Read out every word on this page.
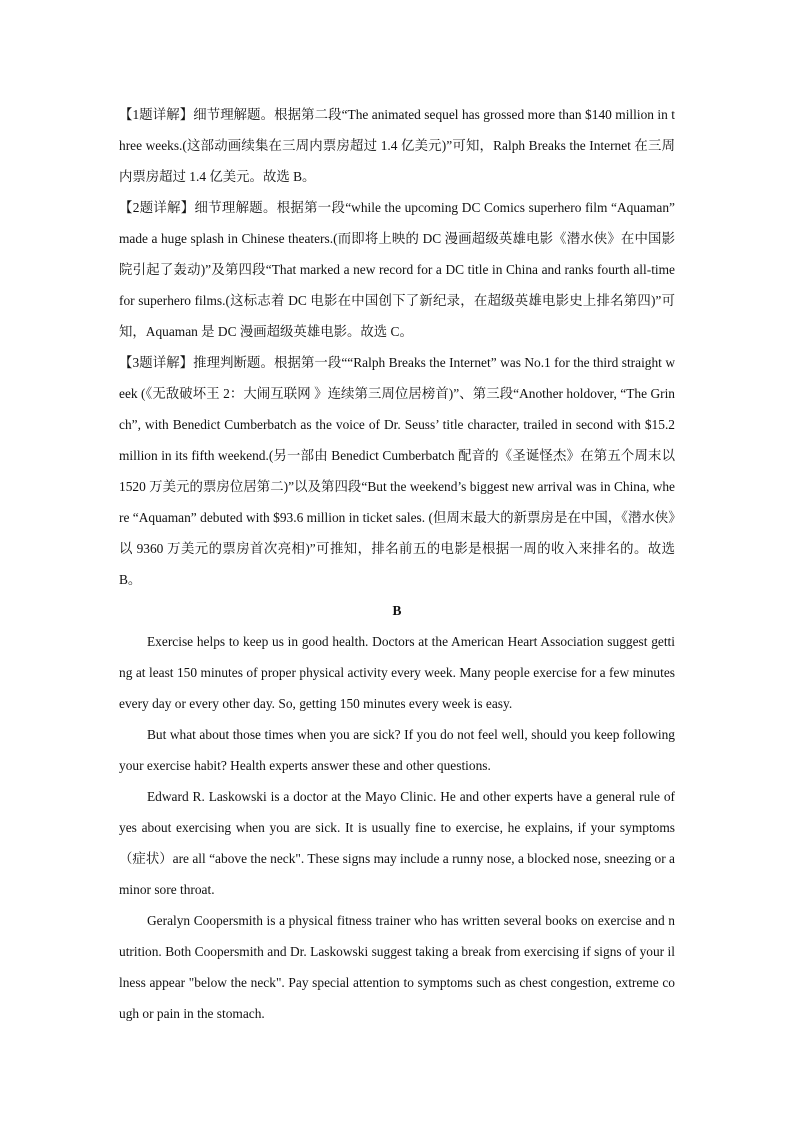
【1题详解】细节理解题。根据第二段“The animated sequel has grossed more than $140 million in three weeks.(这部动画续集在三周内票房超过 1.4 亿美元)”可知，Ralph Breaks the Internet 在三周内票房超过 1.4 亿美元。故选 B。

【2题详解】细节理解题。根据第一段“while the upcoming DC Comics superhero film “Aquaman” made a huge splash in Chinese theaters.(而即将上映的 DC 漫画超级英雄电影《潜水侠》在中国影院引起了轰动)”及第四段“That marked a new record for a DC title in China and ranks fourth all-time for superhero films.(这标志着 DC 电影在中国创下了新纪录，在超级英雄电影史上排名第四)”可知，Aquaman 是 DC 漫画超级英雄电影。故选 C。

【3题详解】推理判断题。根据第一段““Ralph Breaks the Internet” was No.1 for the third straight week (《无敌破坏王 2：大闹互联网 》连续第三周位居榜首)”、第三段“Another holdover, “The Grinch”, with Benedict Cumberbatch as the voice of Dr. Seuss’ title character, trailed in second with $15.2 million in its fifth weekend.(另一部由 Benedict Cumberbatch 配音的《圣诞怪杰》在第五个周末以 1520 万美元的票房位居第二)”以及第四段“But the weekend’s biggest new arrival was in China, where “Aquaman” debuted with $93.6 million in ticket sales. (但周末最大的新票房是在中国，《潜水侠》以 9360 万美元的票房首次亮相)”可推知，排名前五的电影是根据一周的收入来排名的。故选 B。

B

Exercise helps to keep us in good health. Doctors at the American Heart Association suggest getting at least 150 minutes of proper physical activity every week. Many people exercise for a few minutes every day or every other day. So, getting 150 minutes every week is easy.

But what about those times when you are sick? If you do not feel well, should you keep following your exercise habit? Health experts answer these and other questions.

Edward R. Laskowski is a doctor at the Mayo Clinic. He and other experts have a general rule of yes about exercising when you are sick. It is usually fine to exercise, he explains, if your symptoms （症状）are all “above the neck". These signs may include a runny nose, a blocked nose, sneezing or a minor sore throat.

Geralyn Coopersmith is a physical fitness trainer who has written several books on exercise and nutrition. Both Coopersmith and Dr. Laskowski suggest taking a break from exercising if signs of your illness appear "below the neck". Pay special attention to symptoms such as chest congestion, extreme cough or pain in the stomach.
